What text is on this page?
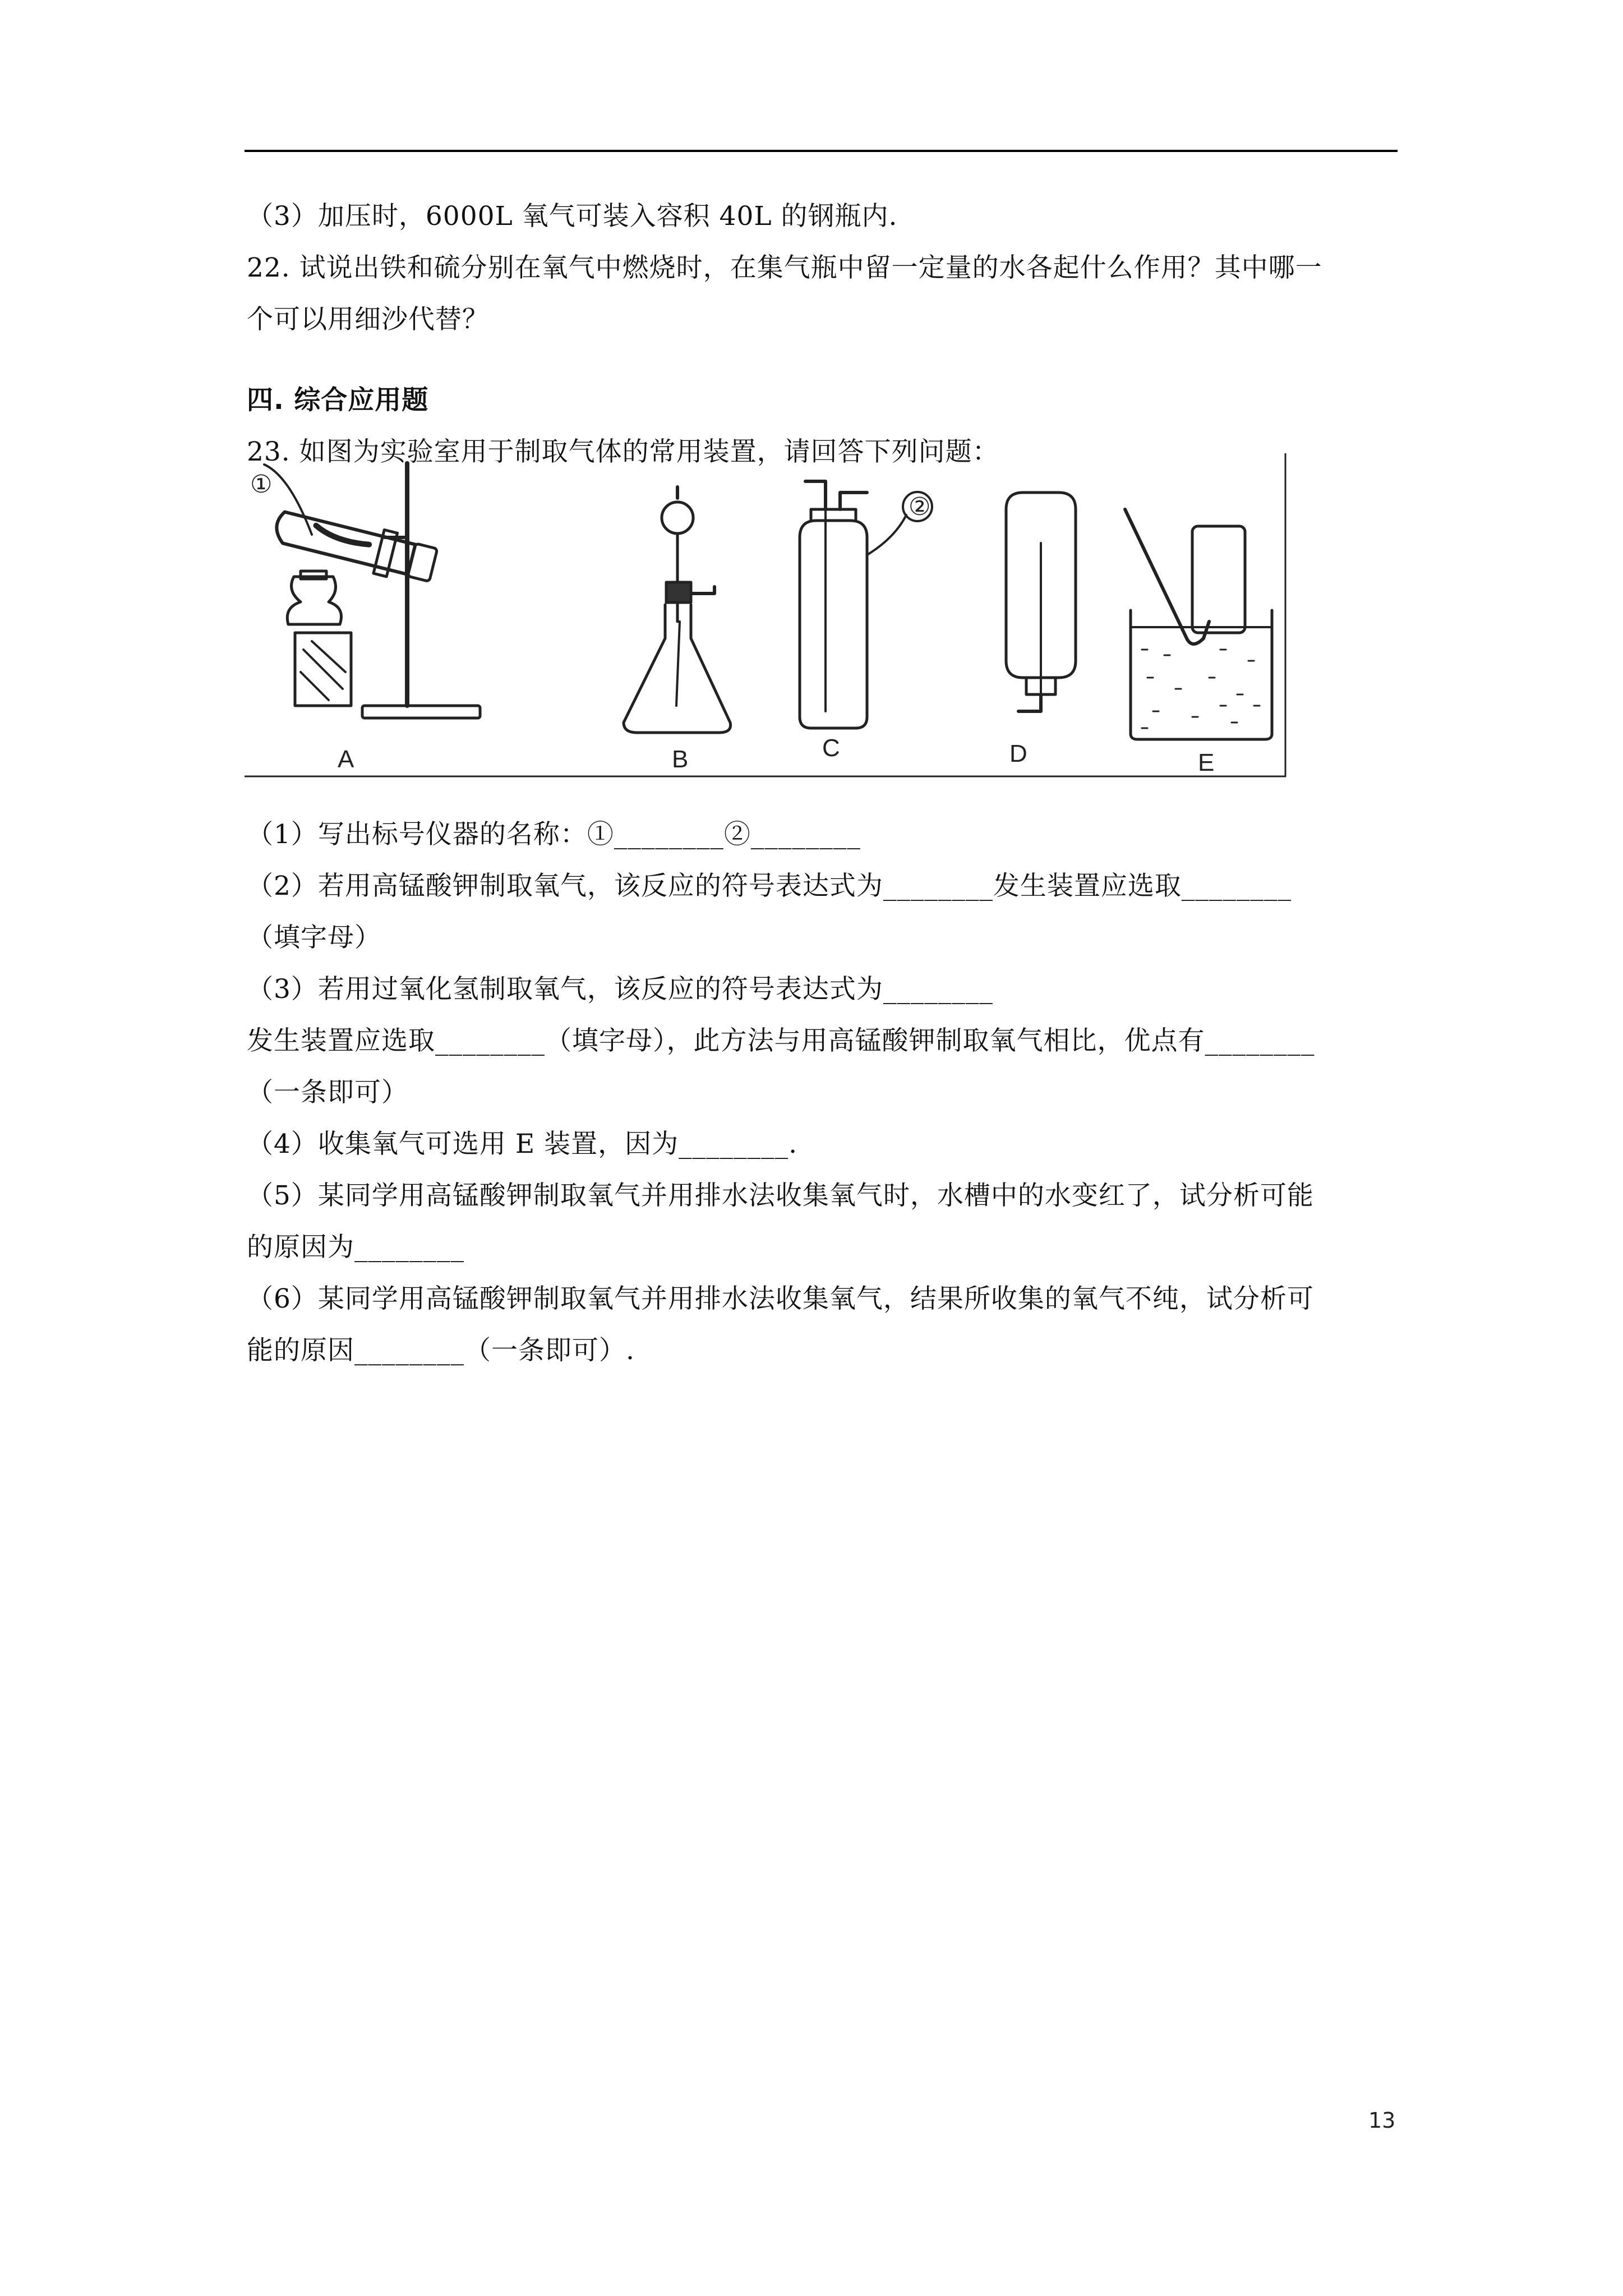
（3）加压时，6000L 氧气可装入容积 40L 的钢瓶内.

22. 试说出铁和硫分别在氧气中燃烧时，在集气瓶中留一定量的水各起什么作用？其中哪一

个可以用细沙代替？

四. 综合应用题

23. 如图为实验室用于制取气体的常用装置，请回答下列问题：

（1）写出标号仪器的名称：①________②________

（2）若用高锰酸钾制取氧气，该反应的符号表达式为________发生装置应选取________

（填字母）

（3）若用过氧化氢制取氧气，该反应的符号表达式为________

发生装置应选取________（填字母），此方法与用高锰酸钾制取氧气相比，优点有________

（一条即可）

（4）收集氧气可选用 E 装置，因为________.

（5）某同学用高锰酸钾制取氧气并用排水法收集氧气时，水槽中的水变红了，试分析可能

的原因为________

（6）某同学用高锰酸钾制取氧气并用排水法收集氧气，结果所收集的氧气不纯，试分析可

能的原因________（一条即可）.

①
②
A	B	C	D	E
13
